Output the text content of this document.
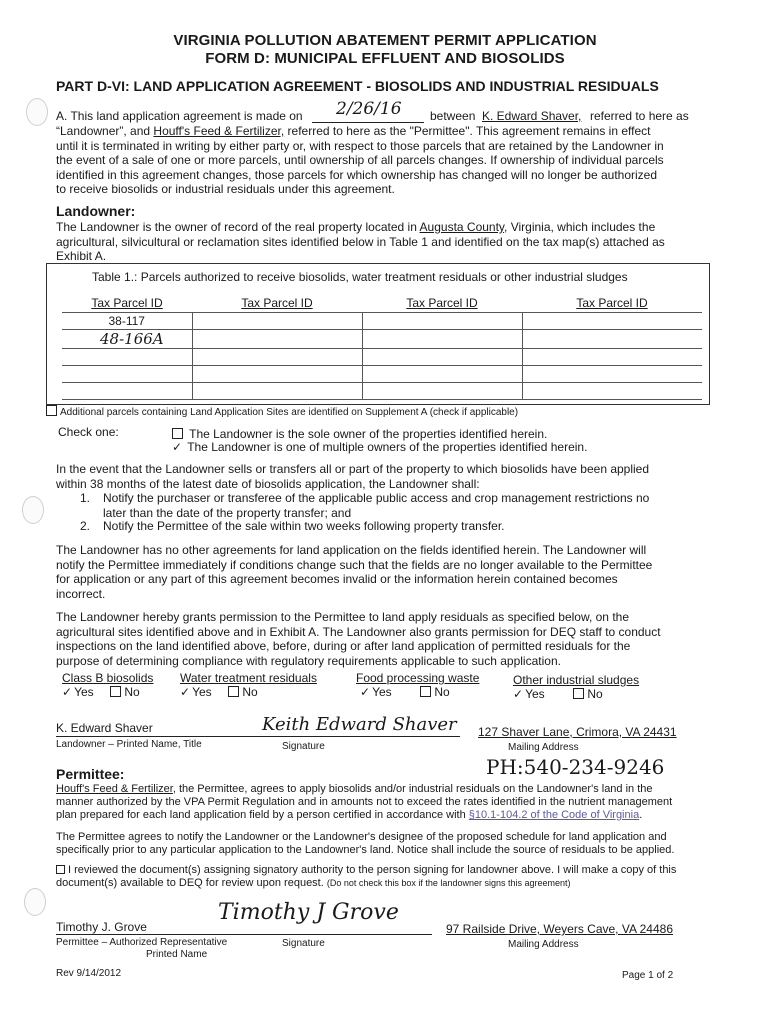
VIRGINIA POLLUTION ABATEMENT PERMIT APPLICATION
FORM D: MUNICIPAL EFFLUENT AND BIOSOLIDS
PART D-VI: LAND APPLICATION AGREEMENT - BIOSOLIDS AND INDUSTRIAL RESIDUALS
A. This land application agreement is made on 2/26/16 between K. Edward Shaver, referred to here as
“Landowner”, and Houff's Feed & Fertilizer, referred to here as the "Permittee". This agreement remains in effect
until it is terminated in writing by either party or, with respect to those parcels that are retained by the Landowner in
the event of a sale of one or more parcels, until ownership of all parcels changes. If ownership of individual parcels
identified in this agreement changes, those parcels for which ownership has changed will no longer be authorized
to receive biosolids or industrial residuals under this agreement.
Landowner:
The Landowner is the owner of record of the real property located in Augusta County, Virginia, which includes the
agricultural, silvicultural or reclamation sites identified below in Table 1 and identified on the tax map(s) attached as
Exhibit A.
Table 1.: Parcels authorized to receive biosolids, water treatment residuals or other industrial sludges
Tax Parcel ID	Tax Parcel ID	Tax Parcel ID	Tax Parcel ID
38-117			
48-166A			

Additional parcels containing Land Application Sites are identified on Supplement A (check if applicable)
Check one:	The Landowner is the sole owner of the properties identified herein.
✓ The Landowner is one of multiple owners of the properties identified herein.
In the event that the Landowner sells or transfers all or part of the property to which biosolids have been applied
within 38 months of the latest date of biosolids application, the Landowner shall:
1. Notify the purchaser or transferee of the applicable public access and crop management restrictions no
later than the date of the property transfer; and
2. Notify the Permittee of the sale within two weeks following property transfer.
The Landowner has no other agreements for land application on the fields identified herein. The Landowner will
notify the Permittee immediately if conditions change such that the fields are no longer available to the Permittee
for application or any part of this agreement becomes invalid or the information herein contained becomes
incorrect.
The Landowner hereby grants permission to the Permittee to land apply residuals as specified below, on the
agricultural sites identified above and in Exhibit A. The Landowner also grants permission for DEQ staff to conduct
inspections on the land identified above, before, during or after land application of permitted residuals for the
purpose of determining compliance with regulatory requirements applicable to such application.
Class B biosolids
✓ Yes	No
Water treatment residuals
✓ Yes	No
Food processing waste
✓ Yes	No
Other industrial sludges
✓ Yes	No
K. Edward Shaver	Keith Edward Shaver 127 Shaver Lane, Crimora, VA 24431
Landowner – Printed Name, Title	Signature	Mailing Address
PH:540-234-9246
Permittee:
Houff's Feed & Fertilizer, the Permittee, agrees to apply biosolids and/or industrial residuals on the Landowner's land in the
manner authorized by the VPA Permit Regulation and in amounts not to exceed the rates identified in the nutrient management
plan prepared for each land application field by a person certified in accordance with §10.1-104.2 of the Code of Virginia.
The Permittee agrees to notify the Landowner or the Landowner's designee of the proposed schedule for land application and
specifically prior to any particular application to the Landowner's land. Notice shall include the source of residuals to be applied.
I reviewed the document(s) assigning signatory authority to the person signing for landowner above. I will make a copy of this
document(s) available to DEQ for review upon request. (Do not check this box if the landowner signs this agreement)
Timothy J Grove
Timothy J. Grove	97 Railside Drive, Weyers Cave, VA 24486
Permittee – Authorized Representative	Signature	Mailing Address
Printed Name
Rev 9/14/2012	Page 1 of 2
